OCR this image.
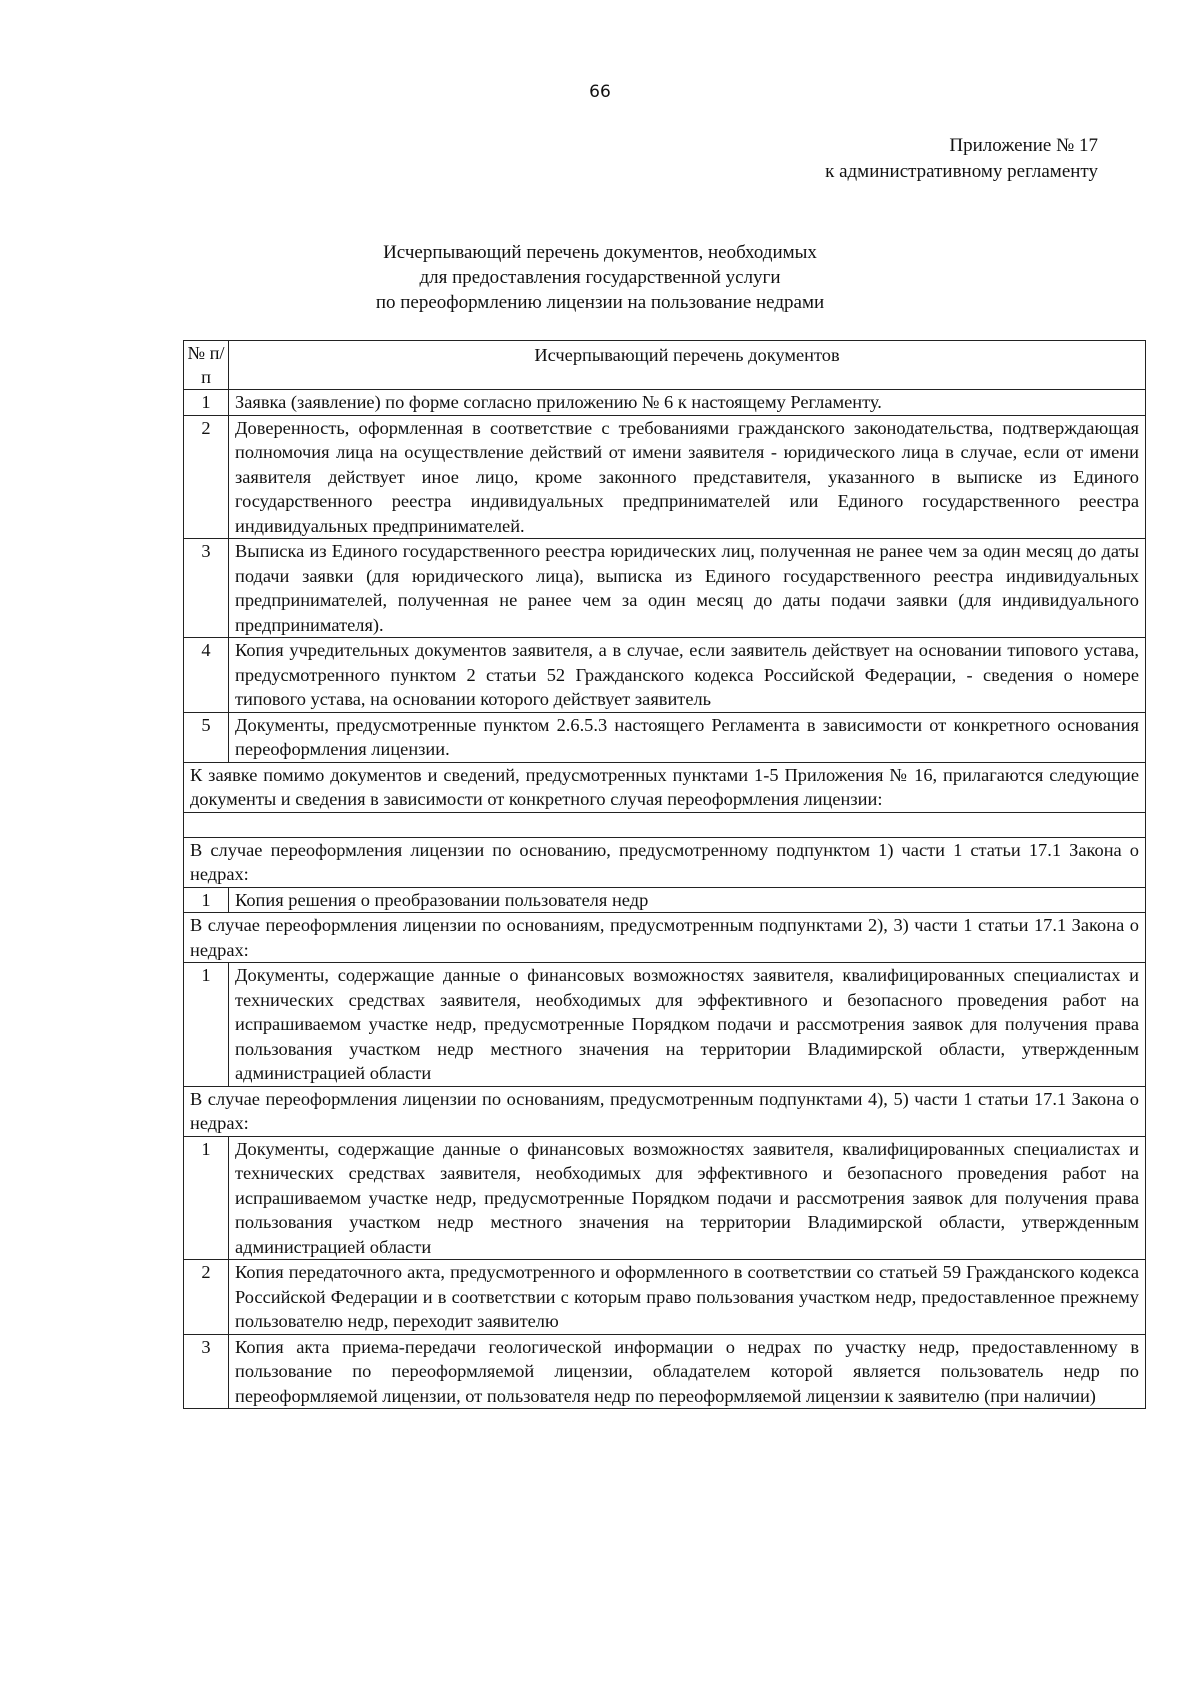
66
Приложение № 17
к административному регламенту
Исчерпывающий перечень документов, необходимых
для предоставления государственной услуги
по переоформлению лицензии на пользование недрами
№ п/п	Исчерпывающий перечень документов
1	Заявка (заявление) по форме согласно приложению № 6 к настоящему Регламенту.
2	Доверенность, оформленная в соответствие с требованиями гражданского законодательства, подтверждающая полномочия лица на осуществление действий от имени заявителя - юридического лица в случае, если от имени заявителя действует иное лицо, кроме законного представителя, указанного в выписке из Единого государственного реестра индивидуальных предпринимателей или Единого государственного реестра индивидуальных предпринимателей.
3	Выписка из Единого государственного реестра юридических лиц, полученная не ранее чем за один месяц до даты подачи заявки (для юридического лица), выписка из Единого государственного реестра индивидуальных предпринимателей, полученная не ранее чем за один месяц до даты подачи заявки (для индивидуального предпринимателя).
4	Копия учредительных документов заявителя, а в случае, если заявитель действует на основании типового устава, предусмотренного пунктом 2 статьи 52 Гражданского кодекса Российской Федерации, - сведения о номере типового устава, на основании которого действует заявитель
5	Документы, предусмотренные пунктом 2.6.5.3 настоящего Регламента в зависимости от конкретного основания переоформления лицензии.
К заявке помимо документов и сведений, предусмотренных пунктами 1-5 Приложения № 16, прилагаются следующие документы и сведения в зависимости от конкретного случая переоформления лицензии:	

В случае переоформления лицензии по основанию, предусмотренному подпунктом 1) части 1 статьи 17.1 Закона о недрах:	
1	Копия решения о преобразовании пользователя недр
В случае переоформления лицензии по основаниям, предусмотренным подпунктами 2), 3) части 1 статьи 17.1 Закона о недрах:	
1	Документы, содержащие данные о финансовых возможностях заявителя, квалифицированных специалистах и технических средствах заявителя, необходимых для эффективного и безопасного проведения работ на испрашиваемом участке недр, предусмотренные Порядком подачи и рассмотрения заявок для получения права пользования участком недр местного значения на территории Владимирской области, утвержденным администрацией области
В случае переоформления лицензии по основаниям, предусмотренным подпунктами 4), 5) части 1 статьи 17.1 Закона о недрах:	
1	Документы, содержащие данные о финансовых возможностях заявителя, квалифицированных специалистах и технических средствах заявителя, необходимых для эффективного и безопасного проведения работ на испрашиваемом участке недр, предусмотренные Порядком подачи и рассмотрения заявок для получения права пользования участком недр местного значения на территории Владимирской области, утвержденным администрацией области
2	Копия передаточного акта, предусмотренного и оформленного в соответствии со статьей 59 Гражданского кодекса Российской Федерации и в соответствии с которым право пользования участком недр, предоставленное прежнему пользователю недр, переходит заявителю
3	Копия акта приема-передачи геологической информации о недрах по участку недр, предоставленному в пользование по переоформляемой лицензии, обладателем которой является пользователь недр по переоформляемой лицензии, от пользователя недр по переоформляемой лицензии к заявителю (при наличии)
